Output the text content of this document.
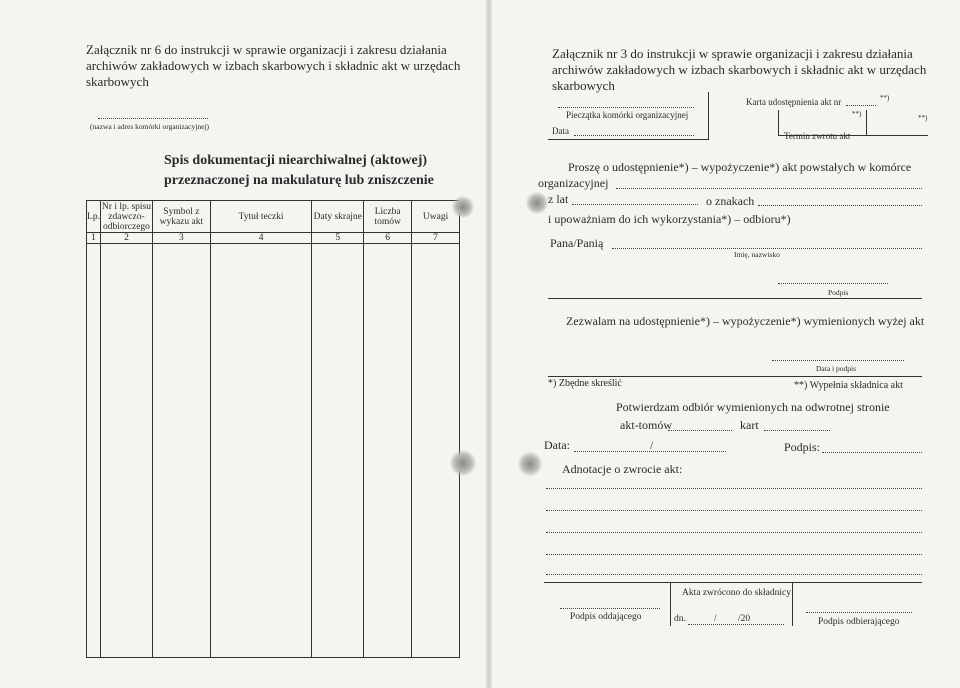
Załącznik nr 6 do instrukcji w sprawie organizacji i zakresu działania archiwów zakładowych w izbach skarbowych i składnic akt w urzędach skarbowych
(nazwa i adres komórki organizacyjnej)
Spis dokumentacji niearchiwalnej (aktowej)
przeznaczonej na makulaturę lub zniszczenie
Lp.	Nr i lp. spisu zdawczo-odbiorczego	Symbol z wykazu akt	Tytuł teczki	Daty skrajne	Liczba tomów	Uwagi
1	2	3	4	5	6	7

Załącznik nr 3 do instrukcji w sprawie organizacji i zakresu działania archiwów zakładowych w izbach skarbowych i składnic akt w urzędach skarbowych
Pieczątka komórki organizacyjnej
Data
Karta udostępnienia akt nr	**)
**)	**)
Termin zwrotu akt
Proszę o udostępnienie*) – wypożyczenie*) akt powstałych w komórce
organizacyjnej
z lat	o znakach
i upoważniam do ich wykorzystania*) – odbioru*)
Pana/Panią
Imię, nazwisko
Podpis
Zezwalam na udostępnienie*) – wypożyczenie*) wymienionych wyżej akt
Data i podpis
*) Zbędne skreślić	**) Wypełnia składnica akt
Potwierdzam odbiór wymienionych na odwrotnej stronie
akt-tomów	kart
Data:	/	Podpis:
Adnotacje o zwrocie akt:
Akta zwrócono do składnicy
Podpis oddającego	dn.	/ /20	Podpis odbierającego
